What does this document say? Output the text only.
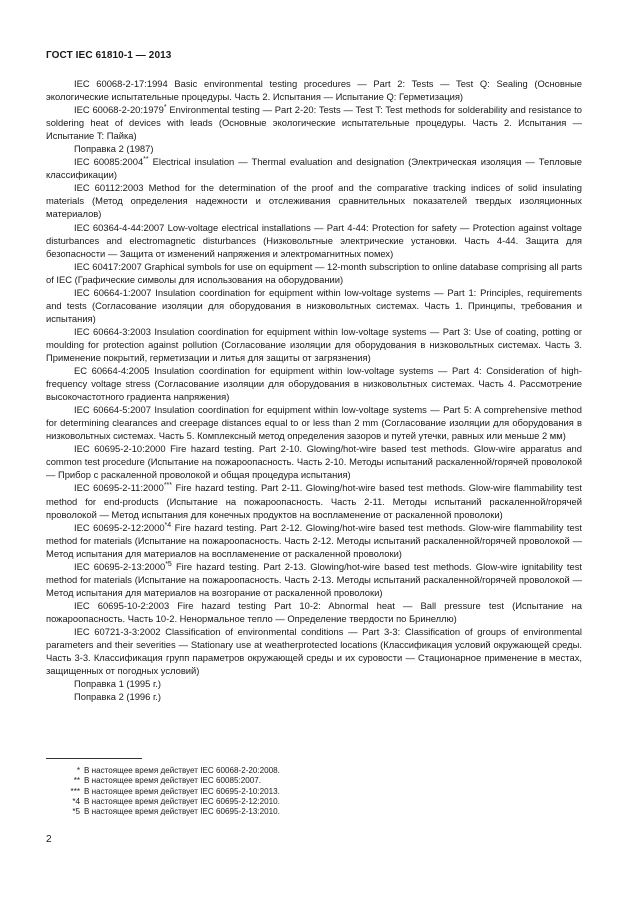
ГОСТ IEC 61810-1 — 2013

IEC 60068-2-17:1994 Basic environmental testing procedures — Part 2: Tests — Test Q: Sealing (Основные экологические испытательные процедуры. Часть 2. Испытания — Испытание Q: Герметизация)

IEC 60068-2-20:1979* Environmental testing — Part 2-20: Tests — Test T: Test methods for solderability and resistance to soldering heat of devices with leads (Основные экологические испытательные процедуры. Часть 2. Испытания — Испытание T: Пайка)

Поправка 2 (1987)

IEC 60085:2004** Electrical insulation — Thermal evaluation and designation (Электрическая изоляция — Тепловые классификации)

IEC 60112:2003 Method for the determination of the proof and the comparative tracking indices of solid insulating materials (Метод определения надежности и отслеживания сравнительных показателей твердых изоляционных материалов)

IEC 60364-4-44:2007 Low-voltage electrical installations — Part 4-44: Protection for safety — Protection against voltage disturbances and electromagnetic disturbances (Низковольтные электрические установки. Часть 4-44. Защита для безопасности — Защита от изменений напряжения и электромагнитных помех)

IEC 60417:2007 Graphical symbols for use on equipment — 12-month subscription to online database comprising all parts of IEC (Графические символы для использования на оборудовании)

IEC 60664-1:2007 Insulation coordination for equipment within low-voltage systems — Part 1: Principles, requirements and tests (Согласование изоляции для оборудования в низковольтных системах. Часть 1. Принципы, требования и испытания)

IEC 60664-3:2003 Insulation coordination for equipment within low-voltage systems — Part 3: Use of coating, potting or moulding for protection against pollution (Согласование изоляции для оборудования в низковольтных системах. Часть 3. Применение покрытий, герметизации и литья для защиты от загрязнения)

EC 60664-4:2005 Insulation coordination for equipment within low-voltage systems — Part 4: Consideration of high-frequency voltage stress (Согласование изоляции для оборудования в низковольтных системах. Часть 4. Рассмотрение высокочастотного градиента напряжения)

IEC 60664-5:2007 Insulation coordination for equipment within low-voltage systems — Part 5: A comprehensive method for determining clearances and creepage distances equal to or less than 2 mm (Согласование изоляции для оборудования в низковольтных системах. Часть 5. Комплексный метод определения зазоров и путей утечки, равных или меньше 2 мм)

IEC 60695-2-10:2000 Fire hazard testing. Part 2-10. Glowing/hot-wire based test methods. Glow-wire apparatus and common test procedure (Испытание на пожароопасность. Часть 2-10. Методы испытаний раскаленной/горячей проволокой — Прибор с раскаленной проволокой и общая процедура испытания)

IEC 60695-2-11:2000*** Fire hazard testing. Part 2-11. Glowing/hot-wire based test methods. Glow-wire flammability test method for end-products (Испытание на пожароопасность. Часть 2-11. Методы испытаний раскаленной/горячей проволокой — Метод испытания для конечных продуктов на воспламенение от раскаленной проволоки)

IEC 60695-2-12:2000$^{*4}$ Fire hazard testing. Part 2-12. Glowing/hot-wire based test methods. Glow-wire flammability test method for materials (Испытание на пожароопасность. Часть 2-12. Методы испытаний раскаленной/горячей проволокой — Метод испытания для материалов на воспламенение от раскаленной проволоки)

IEC 60695-2-13:2000$^{*5}$ Fire hazard testing. Part 2-13. Glowing/hot-wire based test methods. Glow-wire ignitability test method for materials (Испытание на пожароопасность. Часть 2-13. Методы испытаний раскаленной/горячей проволокой — Метод испытания для материалов на возгорание от раскаленной проволоки)

IEC 60695-10-2:2003 Fire hazard testing Part 10-2: Abnormal heat — Ball pressure test (Испытание на пожароопасность. Часть 10-2. Ненормальное тепло — Определение твердости по Бринеллю)

IEC 60721-3-3:2002 Classification of environmental conditions — Part 3-3: Classification of groups of environmental parameters and their severities — Stationary use at weatherprotected locations (Классификация условий окружающей среды. Часть 3-3. Классификация групп параметров окружающей среды и их суровости — Стационарное применение в местах, защищенных от погодных условий)

Поправка 1 (1995 г.)

Поправка 2 (1996 г.)

* В настоящее время действует IEC 60068-2-20:2008.
** В настоящее время действует IEC 60085:2007.
*** В настоящее время действует IEC 60695-2-10:2013.
*4 В настоящее время действует IEC 60695-2-12:2010.
*5 В настоящее время действует IEC 60695-2-13:2010.
2
